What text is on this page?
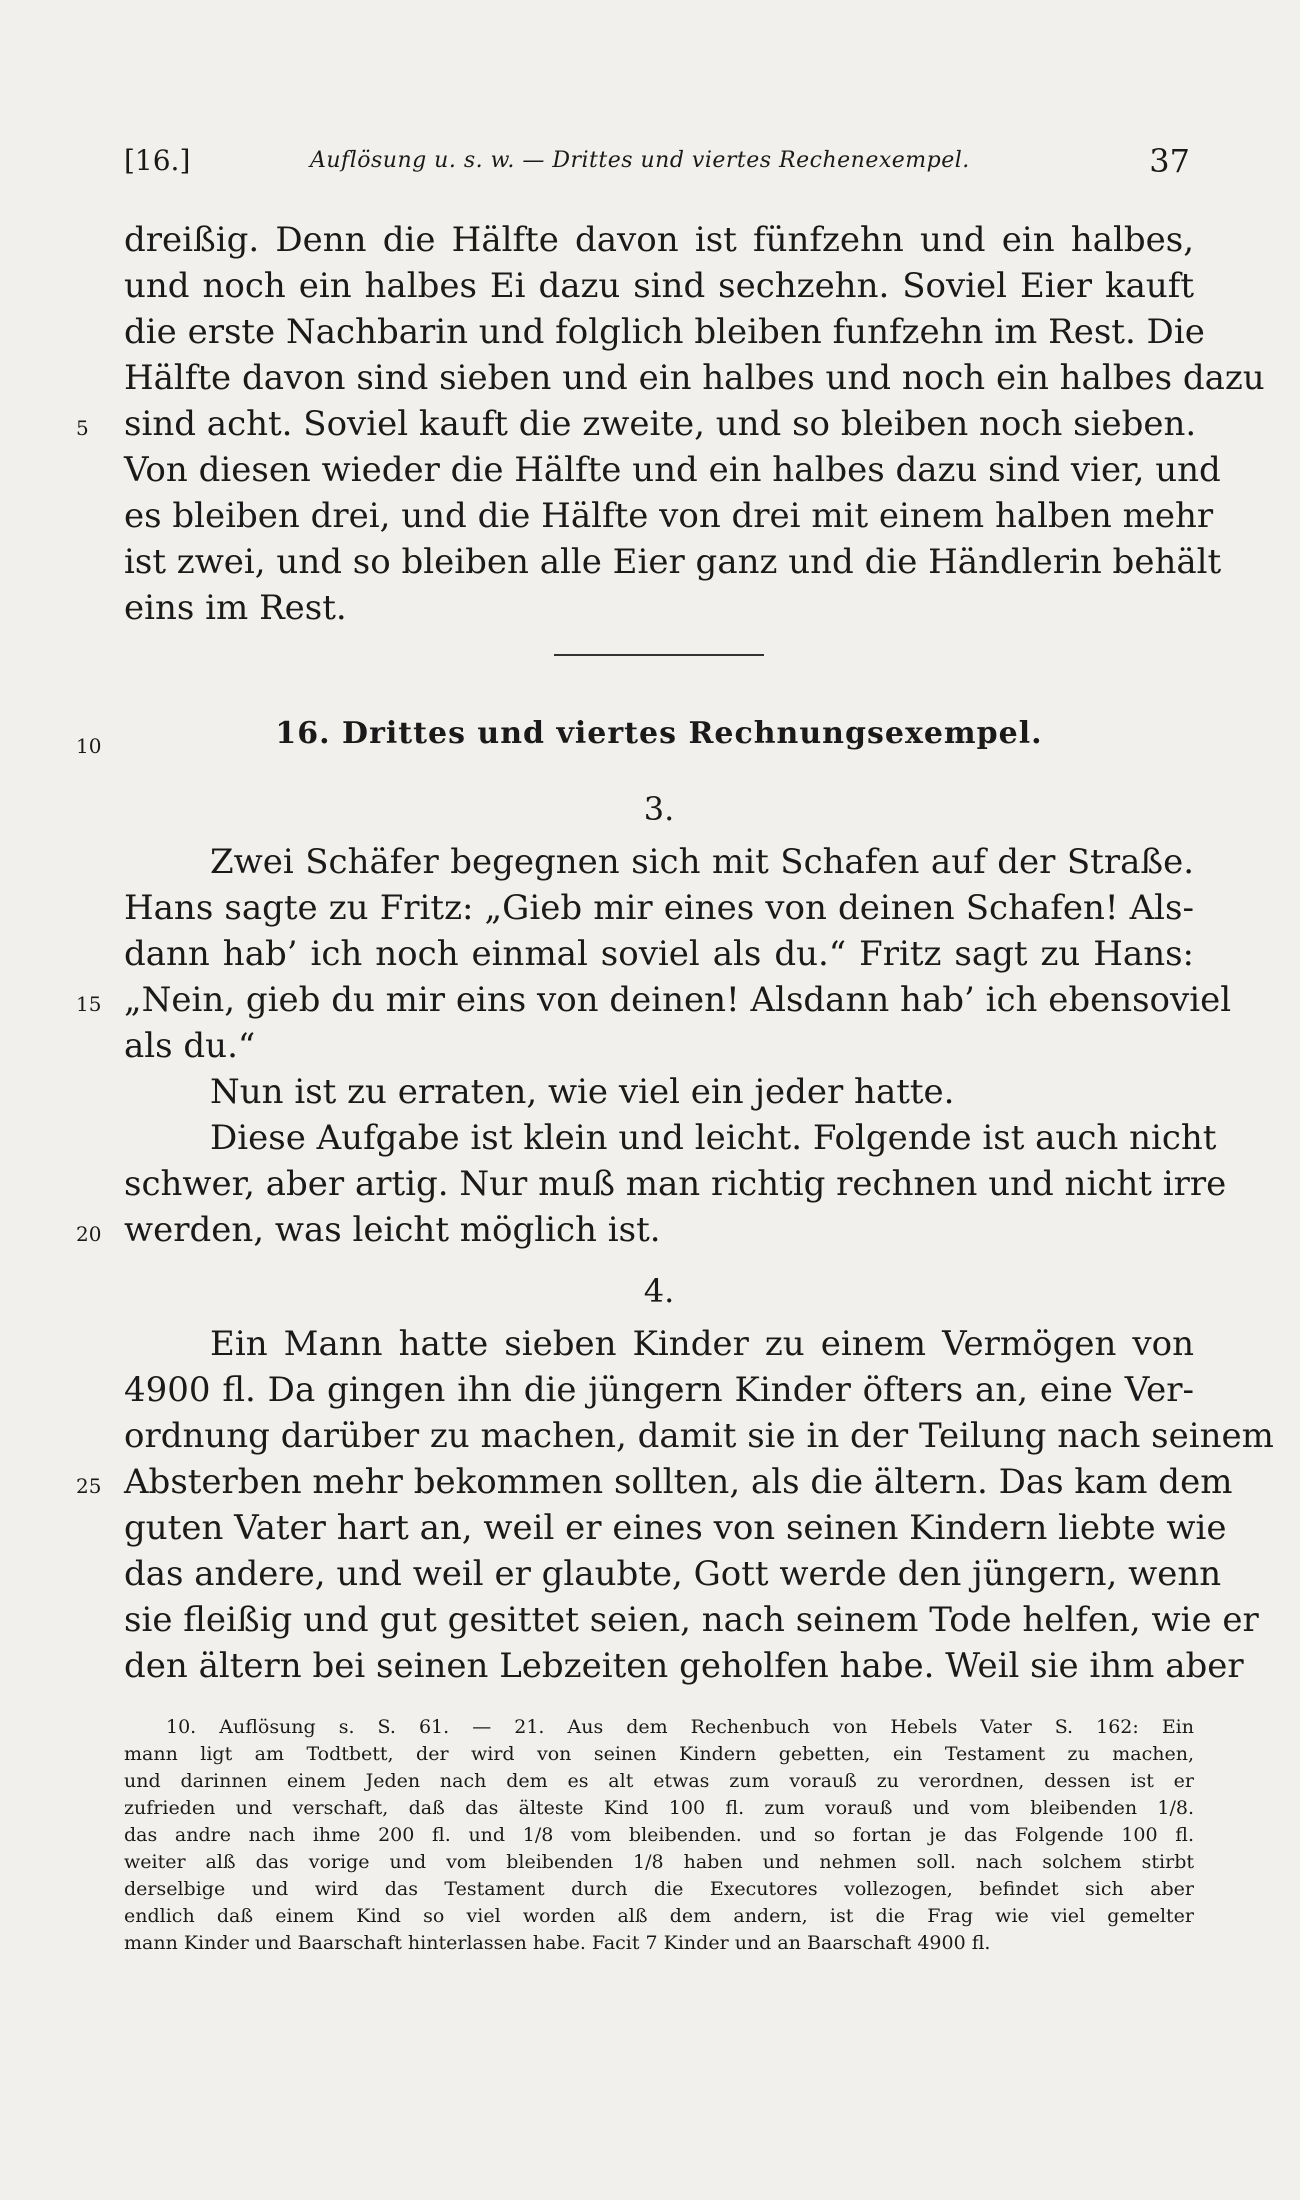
[16.]	Auflösung u. s. w. — Drittes und viertes Rechenexempel.	37
dreißig. Denn die Hälfte davon ist fünfzehn und ein halbes,
und noch ein halbes Ei dazu sind sechzehn. Soviel Eier kauft
die erste Nachbarin und folglich bleiben funfzehn im Rest. Die
Hälfte davon sind sieben und ein halbes und noch ein halbes dazu
5	sind acht. Soviel kauft die zweite, und so bleiben noch sieben.
Von diesen wieder die Hälfte und ein halbes dazu sind vier, und
es bleiben drei, und die Hälfte von drei mit einem halben mehr
ist zwei, und so bleiben alle Eier ganz und die Händlerin behält
eins im Rest.
10	16. Drittes und viertes Rechnungsexempel.
3.
Zwei Schäfer begegnen sich mit Schafen auf der Straße.
Hans sagte zu Fritz: „Gieb mir eines von deinen Schafen! Als-
dann hab’ ich noch einmal soviel als du.“ Fritz sagt zu Hans:
15 „Nein, gieb du mir eins von deinen! Alsdann hab’ ich ebensoviel
als du.“
Nun ist zu erraten, wie viel ein jeder hatte.
Diese Aufgabe ist klein und leicht. Folgende ist auch nicht
schwer, aber artig. Nur muß man richtig rechnen und nicht irre
20 werden, was leicht möglich ist.
4.
Ein Mann hatte sieben Kinder zu einem Vermögen von
4900 fl. Da gingen ihn die jüngern Kinder öfters an, eine Ver-
ordnung darüber zu machen, damit sie in der Teilung nach seinem
25 Absterben mehr bekommen sollten, als die ältern. Das kam dem
guten Vater hart an, weil er eines von seinen Kindern liebte wie
das andere, und weil er glaubte, Gott werde den jüngern, wenn
sie fleißig und gut gesittet seien, nach seinem Tode helfen, wie er
den ältern bei seinen Lebzeiten geholfen habe. Weil sie ihm aber
10. Auflösung s. S. 61. — 21. Aus dem Rechenbuch von Hebels Vater S. 162: Ein
mann ligt am Todtbett, der wird von seinen Kindern gebetten, ein Testament zu machen,
und darinnen einem Jeden nach dem es alt etwas zum vorauß zu verordnen, dessen ist er
zufrieden und verschaft, daß das älteste Kind 100 fl. zum vorauß und vom bleibenden 1/8.
das andre nach ihme 200 fl. und 1/8 vom bleibenden. und so fortan je das Folgende 100 fl.
weiter alß das vorige und vom bleibenden 1/8 haben und nehmen soll. nach solchem stirbt
derselbige und wird das Testament durch die Executores vollezogen, befindet sich aber
endlich daß einem Kind so viel worden alß dem andern, ist die Frag wie viel gemelter
mann Kinder und Baarschaft hinterlassen habe. Facit 7 Kinder und an Baarschaft 4900 fl.
